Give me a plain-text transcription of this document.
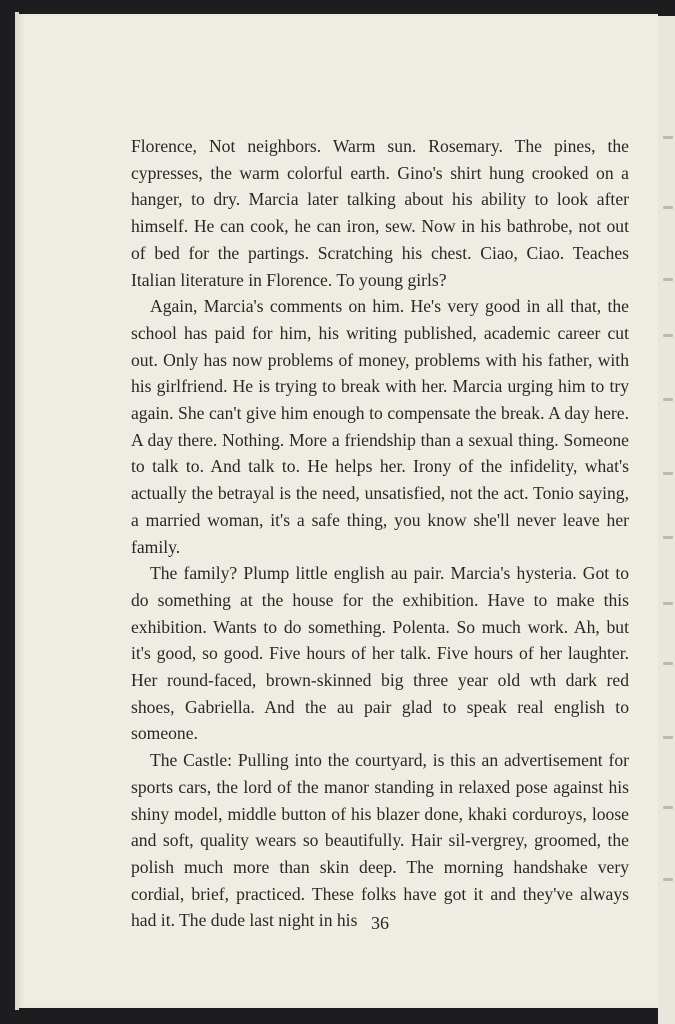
Florence, Not neighbors. Warm sun. Rosemary. The pines, the cypresses, the warm colorful earth. Gino's shirt hung crooked on a hanger, to dry. Marcia later talking about his ability to look after himself. He can cook, he can iron, sew. Now in his bathrobe, not out of bed for the partings. Scratching his chest. Ciao, Ciao. Teaches Italian literature in Florence. To young girls?

Again, Marcia's comments on him. He's very good in all that, the school has paid for him, his writing published, academic career cut out. Only has now problems of money, problems with his father, with his girlfriend. He is trying to break with her. Marcia urging him to try again. She can't give him enough to compensate the break. A day here. A day there. Nothing. More a friendship than a sexual thing. Someone to talk to. And talk to. He helps her. Irony of the infidelity, what's actually the betrayal is the need, unsatisfied, not the act. Tonio saying, a married woman, it's a safe thing, you know she'll never leave her family.

The family? Plump little english au pair. Marcia's hysteria. Got to do something at the house for the exhibition. Have to make this exhibition. Wants to do something. Polenta. So much work. Ah, but it's good, so good. Five hours of her talk. Five hours of her laughter. Her round-faced, brown-skinned big three year old wth dark red shoes, Gabriella. And the au pair glad to speak real english to someone.

The Castle: Pulling into the courtyard, is this an advertisement for sports cars, the lord of the manor standing in relaxed pose against his shiny model, middle button of his blazer done, khaki corduroys, loose and soft, quality wears so beautifully. Hair sil-vergrey, groomed, the polish much more than skin deep. The morning handshake very cordial, brief, practiced. These folks have got it and they've always had it. The dude last night in his 36
